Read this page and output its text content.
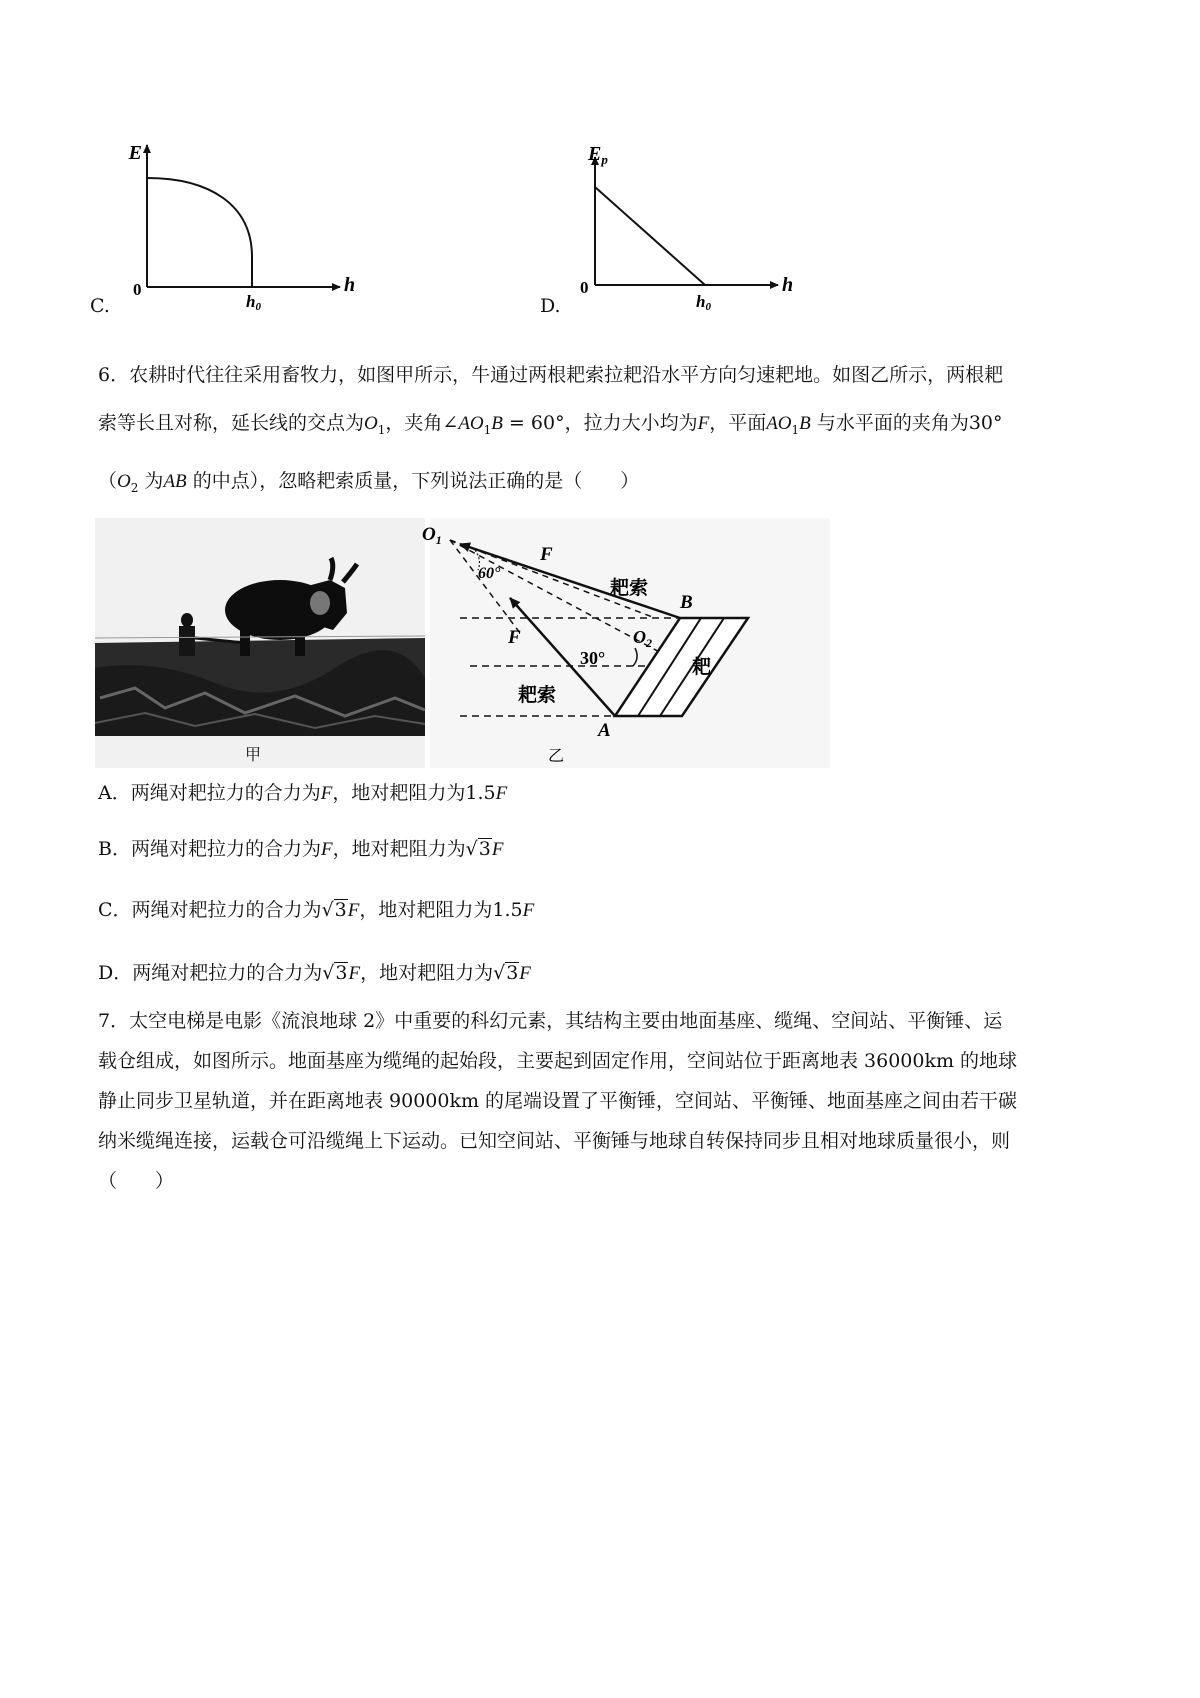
C.
E
h
0
h0	D.
$E_p$
h
0
h0
6．农耕时代往往采用畜牧力，如图甲所示，牛通过两根耙索拉耙沿水平方向匀速耙地。如图乙所示，两根耙
索等长且对称，延长线的交点为$O_1$，夹角$\angle AO_1B = 60^\circ$，拉力大小均为F，平面$AO_1B$ 与水平面的夹角为30°
（$O_2$ 为AB 的中点），忽略耙索质量，下列说法正确的是（　　）
甲
$O_1$
60°
F
耙索
B
F	$O_2$
30°	耙
耙索
A
乙
A．两绳对耙拉力的合力为F，地对耙阻力为1.5F
B．两绳对耙拉力的合力为F，地对耙阻力为√3F
C．两绳对耙拉力的合力为√3F，地对耙阻力为1.5F
D．两绳对耙拉力的合力为√3F，地对耙阻力为√3F
7．太空电梯是电影《流浪地球 2》中重要的科幻元素，其结构主要由地面基座、缆绳、空间站、平衡锤、运
载仓组成，如图所示。地面基座为缆绳的起始段，主要起到固定作用，空间站位于距离地表 36000km 的地球
静止同步卫星轨道，并在距离地表 90000km 的尾端设置了平衡锤，空间站、平衡锤、地面基座之间由若干碳
纳米缆绳连接，运载仓可沿缆绳上下运动。已知空间站、平衡锤与地球自转保持同步且相对地球质量很小，则
（　　）
